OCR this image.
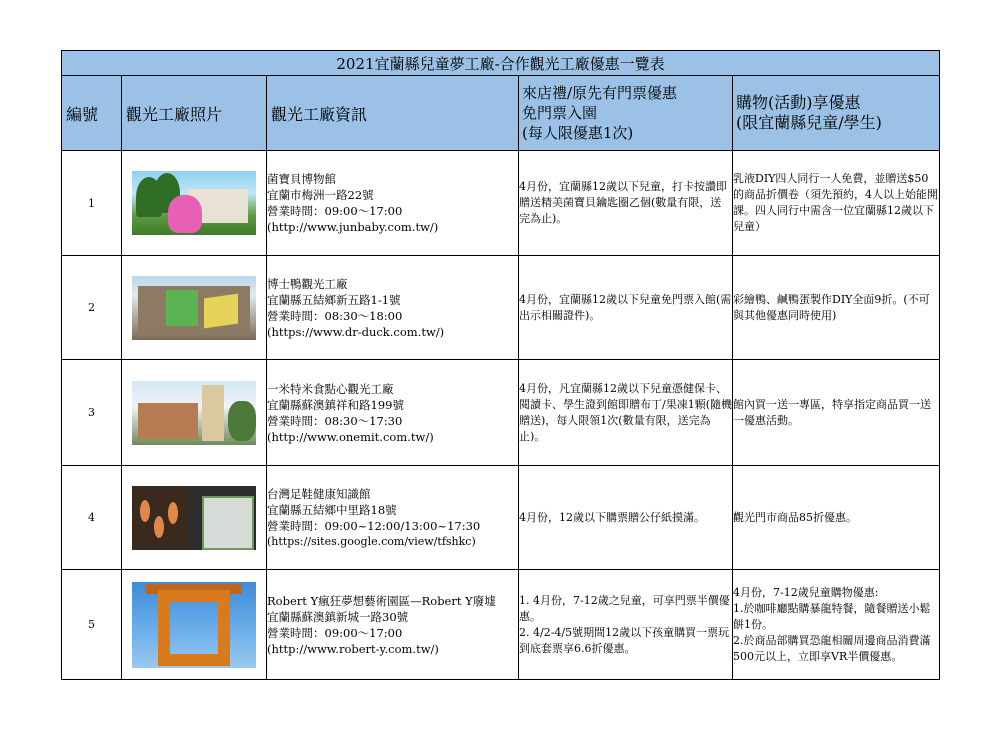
2021宜蘭縣兒童夢工廠-合作觀光工廠優惠一覽表				
編號	觀光工廠照片	觀光工廠資訊	來店禮/原先有門票優惠
免門票入園
(每人限優惠1次)	購物(活動)享優惠
(限宜蘭縣兒童/學生)

1		菌寶貝博物館
宜蘭市梅洲一路22號
營業時間：09:00～17:00
(http://www.junbaby.com.tw/)	4月份，宜蘭縣12歲以下兒童，打卡按讚即贈送精美菌寶貝鑰匙圈乙個(數量有限，送完為止)。	乳液DIY四人同行一人免費，並贈送$50的商品折價卷（須先預約，4人以上始能開課。四人同行中需含一位宜蘭縣12歲以下兒童）
2		博士鴨觀光工廠
宜蘭縣五結鄉新五路1-1號
營業時間：08:30～18:00
(https://www.dr-duck.com.tw/)	4月份，宜蘭縣12歲以下兒童免門票入館(需出示相關證件)。	彩繪鴨、鹹鴨蛋製作DIY全面9折。(不可與其他優惠同時使用)
3		一米特米食點心觀光工廠
宜蘭縣蘇澳鎮祥和路199號
營業時間：08:30～17:30
(http://www.onemit.com.tw/)	4月份，凡宜蘭縣12歲以下兒童憑健保卡、閱讀卡、學生證到館即贈布丁/果凍1顆(隨機贈送)，每人限領1次(數量有限，送完為止)。	館內買一送一專區，特享指定商品買一送一優惠活動。
4		台灣足鞋健康知識館
宜蘭縣五結鄉中里路18號
營業時間：09:00~12:00/13:00~17:30
(https://sites.google.com/view/tfshkc)	4月份，12歲以下購票贈公仔紙摸滿。	觀光門市商品85折優惠。
5		Robert Y瘋狂夢想藝術園區—Robert Y廢墟
宜蘭縣蘇澳鎮新城一路30號
營業時間：09:00～17:00
(http://www.robert-y.com.tw/)	1. 4月份，7-12歲之兒童，可享門票半價優惠。
2. 4/2-4/5號期間12歲以下孩童購買一票玩到底套票享6.6折優惠。	4月份，7-12歲兒童購物優惠:
1.於咖啡廳點購暴龍特餐，隨餐贈送小鬆餅1份。
2.於商品部購買恐龍相關周邊商品消費滿500元以上，立即享VR半價優惠。
